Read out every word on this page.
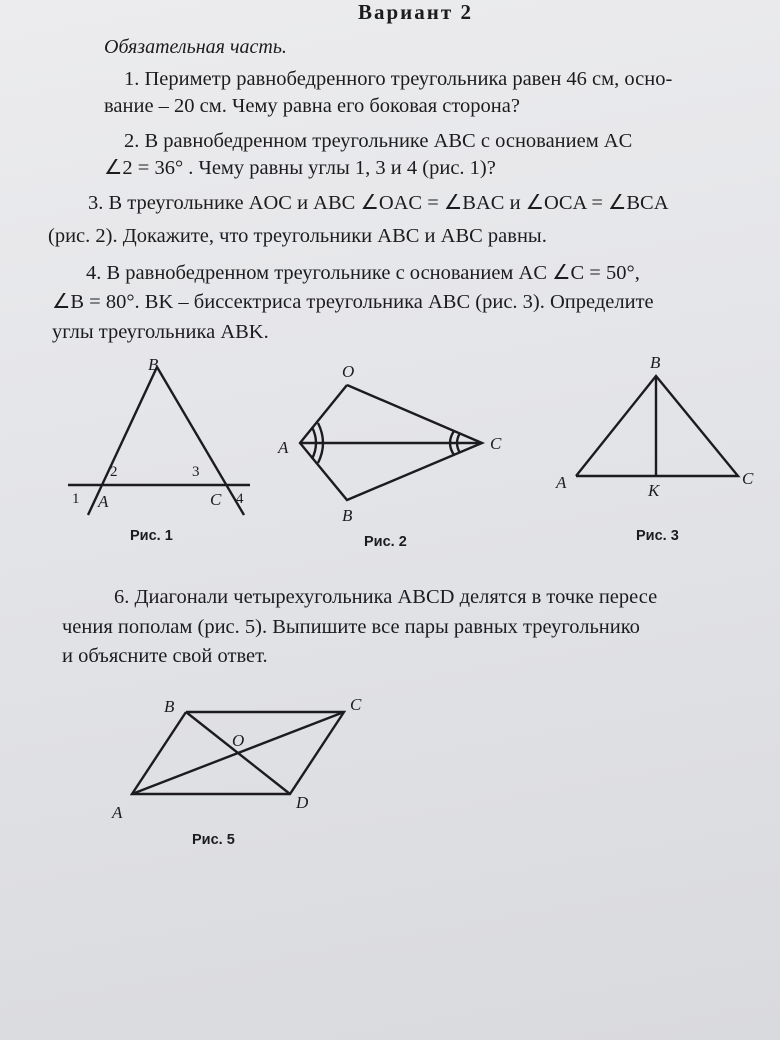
Вариант 2
Обязательная часть.
1. Периметр равнобедренного треугольника равен 46 см, осно-
вание – 20 см. Чему равна его боковая сторона?
2. В равнобедренном треугольнике ABC с основанием AC
∠2 = 36° . Чему равны углы 1, 3 и 4 (рис. 1)?
3. В треугольнике AOC и ABC ∠OAC = ∠BAC и ∠OCA = ∠BCA
(рис. 2). Докажите, что треугольники ABC и ABC равны.
4. В равнобедренном треугольнике с основанием AC ∠C = 50°,
∠B = 80°. BK – биссектриса треугольника ABC (рис. 3). Определите
углы треугольника ABK.
B
A	C
1
2	3
4
Рис. 1
O
A	C
B
Рис. 2
B
A	C
K
Рис. 3
6. Диагонали четырехугольника ABCD делятся в точке пересе
чения пополам (рис. 5). Выпишите все пары равных треугольнико
и объясните свой ответ.
B	C
O
A
D
Рис. 5
